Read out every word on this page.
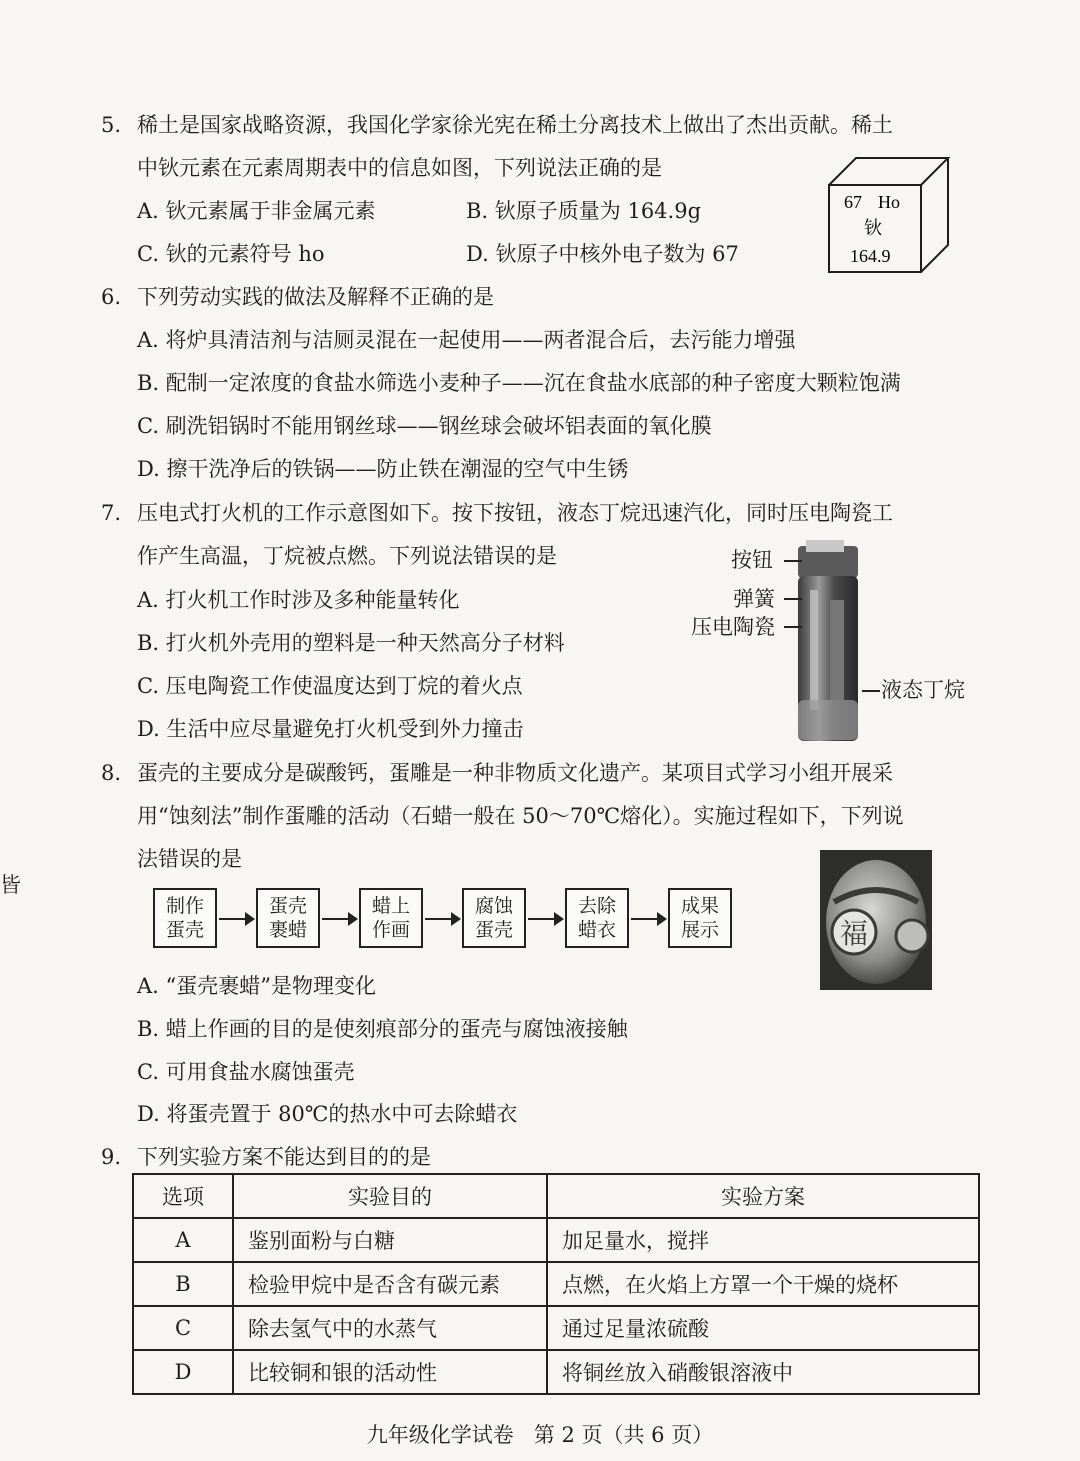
皆
5. 稀土是国家战略资源，我国化学家徐光宪在稀土分离技术上做出了杰出贡献。稀土
中钬元素在元素周期表中的信息如图，下列说法正确的是
A. 钬元素属于非金属元素	B. 钬原子质量为 164.9g
C. 钬的元素符号 ho	D. 钬原子中核外电子数为 67
67 Ho
钬
164.9
6. 下列劳动实践的做法及解释不正确的是
A. 将炉具清洁剂与洁厕灵混在一起使用——两者混合后，去污能力增强
B. 配制一定浓度的食盐水筛选小麦种子——沉在食盐水底部的种子密度大颗粒饱满
C. 刷洗铝锅时不能用钢丝球——钢丝球会破坏铝表面的氧化膜
D. 擦干洗净后的铁锅——防止铁在潮湿的空气中生锈
7. 压电式打火机的工作示意图如下。按下按钮，液态丁烷迅速汽化，同时压电陶瓷工
作产生高温，丁烷被点燃。下列说法错误的是
A. 打火机工作时涉及多种能量转化
B. 打火机外壳用的塑料是一种天然高分子材料
C. 压电陶瓷工作使温度达到丁烷的着火点
D. 生活中应尽量避免打火机受到外力撞击
按钮
弹簧
压电陶瓷
液态丁烷
8. 蛋壳的主要成分是碳酸钙，蛋雕是一种非物质文化遗产。某项目式学习小组开展采
用“蚀刻法”制作蛋雕的活动（石蜡一般在 50～70℃熔化）。实施过程如下，下列说
法错误的是
制作
蛋壳
蛋壳
裹蜡
蜡上
作画
腐蚀
蛋壳
去除
蜡衣
成果
展示	福
A. “蛋壳裹蜡”是物理变化
B. 蜡上作画的目的是使刻痕部分的蛋壳与腐蚀液接触
C. 可用食盐水腐蚀蛋壳
D. 将蛋壳置于 80℃的热水中可去除蜡衣
9. 下列实验方案不能达到目的的是
选项	实验目的	实验方案
A	鉴别面粉与白糖	加足量水，搅拌
B	检验甲烷中是否含有碳元素	点燃，在火焰上方罩一个干燥的烧杯
C	除去氢气中的水蒸气	通过足量浓硫酸
D	比较铜和银的活动性	将铜丝放入硝酸银溶液中
九年级化学试卷   第 2 页（共 6 页）
